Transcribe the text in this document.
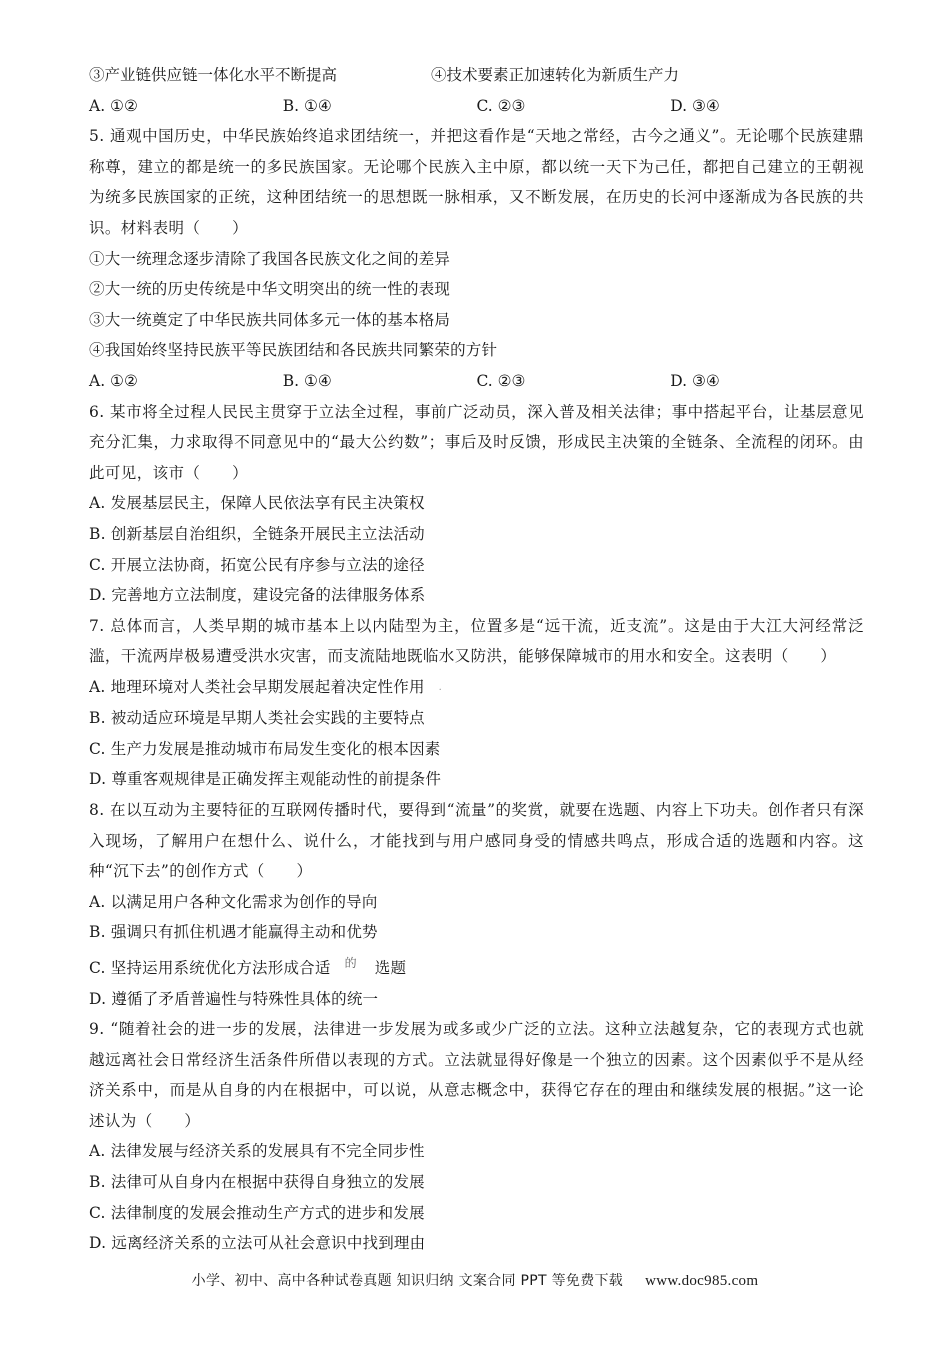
③产业链供应链一体化水平不断提高	④技术要素正加速转化为新质生产力
A. ①②	B. ①④	C. ②③	D. ③④
5. 通观中国历史，中华民族始终追求团结统一，并把这看作是“天地之常经，古今之通义”。无论哪个民族建鼎称尊，建立的都是统一的多民族国家。无论哪个民族入主中原，都以统一天下为己任，都把自己建立的王朝视为统多民族国家的正统，这种团结统一的思想既一脉相承，又不断发展，在历史的长河中逐渐成为各民族的共识。材料表明（　　）
①大一统理念逐步清除了我国各民族文化之间的差异
②大一统的历史传统是中华文明突出的统一性的表现
③大一统奠定了中华民族共同体多元一体的基本格局
④我国始终坚持民族平等民族团结和各民族共同繁荣的方针
A. ①②	B. ①④	C. ②③	D. ③④
6. 某市将全过程人民民主贯穿于立法全过程，事前广泛动员，深入普及相关法律；事中搭起平台，让基层意见充分汇集，力求取得不同意见中的“最大公约数”；事后及时反馈，形成民主决策的全链条、全流程的闭环。由此可见，该市（　　）
A. 发展基层民主，保障人民依法享有民主决策权
B. 创新基层自治组织，全链条开展民主立法活动
C. 开展立法协商，拓宽公民有序参与立法的途径
D. 完善地方立法制度，建设完备的法律服务体系
7. 总体而言，人类早期的城市基本上以内陆型为主，位置多是“远干流，近支流”。这是由于大江大河经常泛滥，干流两岸极易遭受洪水灾害，而支流陆地既临水又防洪，能够保障城市的用水和安全。这表明（　　）
A. 地理环境对人类社会早期发展起着决定性作用 .
B. 被动适应环境是早期人类社会实践的主要特点
C. 生产力发展是推动城市布局发生变化的根本因素
D. 尊重客观规律是正确发挥主观能动性的前提条件
8. 在以互动为主要特征的互联网传播时代，要得到“流量”的奖赏，就要在选题、内容上下功夫。创作者只有深入现场，了解用户在想什么、说什么，才能找到与用户感同身受的情感共鸣点，形成合适的选题和内容。这种“沉下去”的创作方式（　　）
A. 以满足用户各种文化需求为创作的导向
B. 强调只有抓住机遇才能赢得主动和优势
C. 坚持运用系统优化方法形成合适 的 选题
D. 遵循了矛盾普遍性与特殊性具体的统一
9. “随着社会的进一步的发展，法律进一步发展为或多或少广泛的立法。这种立法越复杂，它的表现方式也就越远离社会日常经济生活条件所借以表现的方式。立法就显得好像是一个独立的因素。这个因素似乎不是从经济关系中，而是从自身的内在根据中，可以说，从意志概念中，获得它存在的理由和继续发展的根据。”这一论述认为（　　）
A. 法律发展与经济关系的发展具有不完全同步性
B. 法律可从自身内在根据中获得自身独立的发展
C. 法律制度的发展会推动生产方式的进步和发展
D. 远离经济关系的立法可从社会意识中找到理由
小学、初中、高中各种试卷真题 知识归纳 文案合同 PPT 等免费下载 www.doc985.com
